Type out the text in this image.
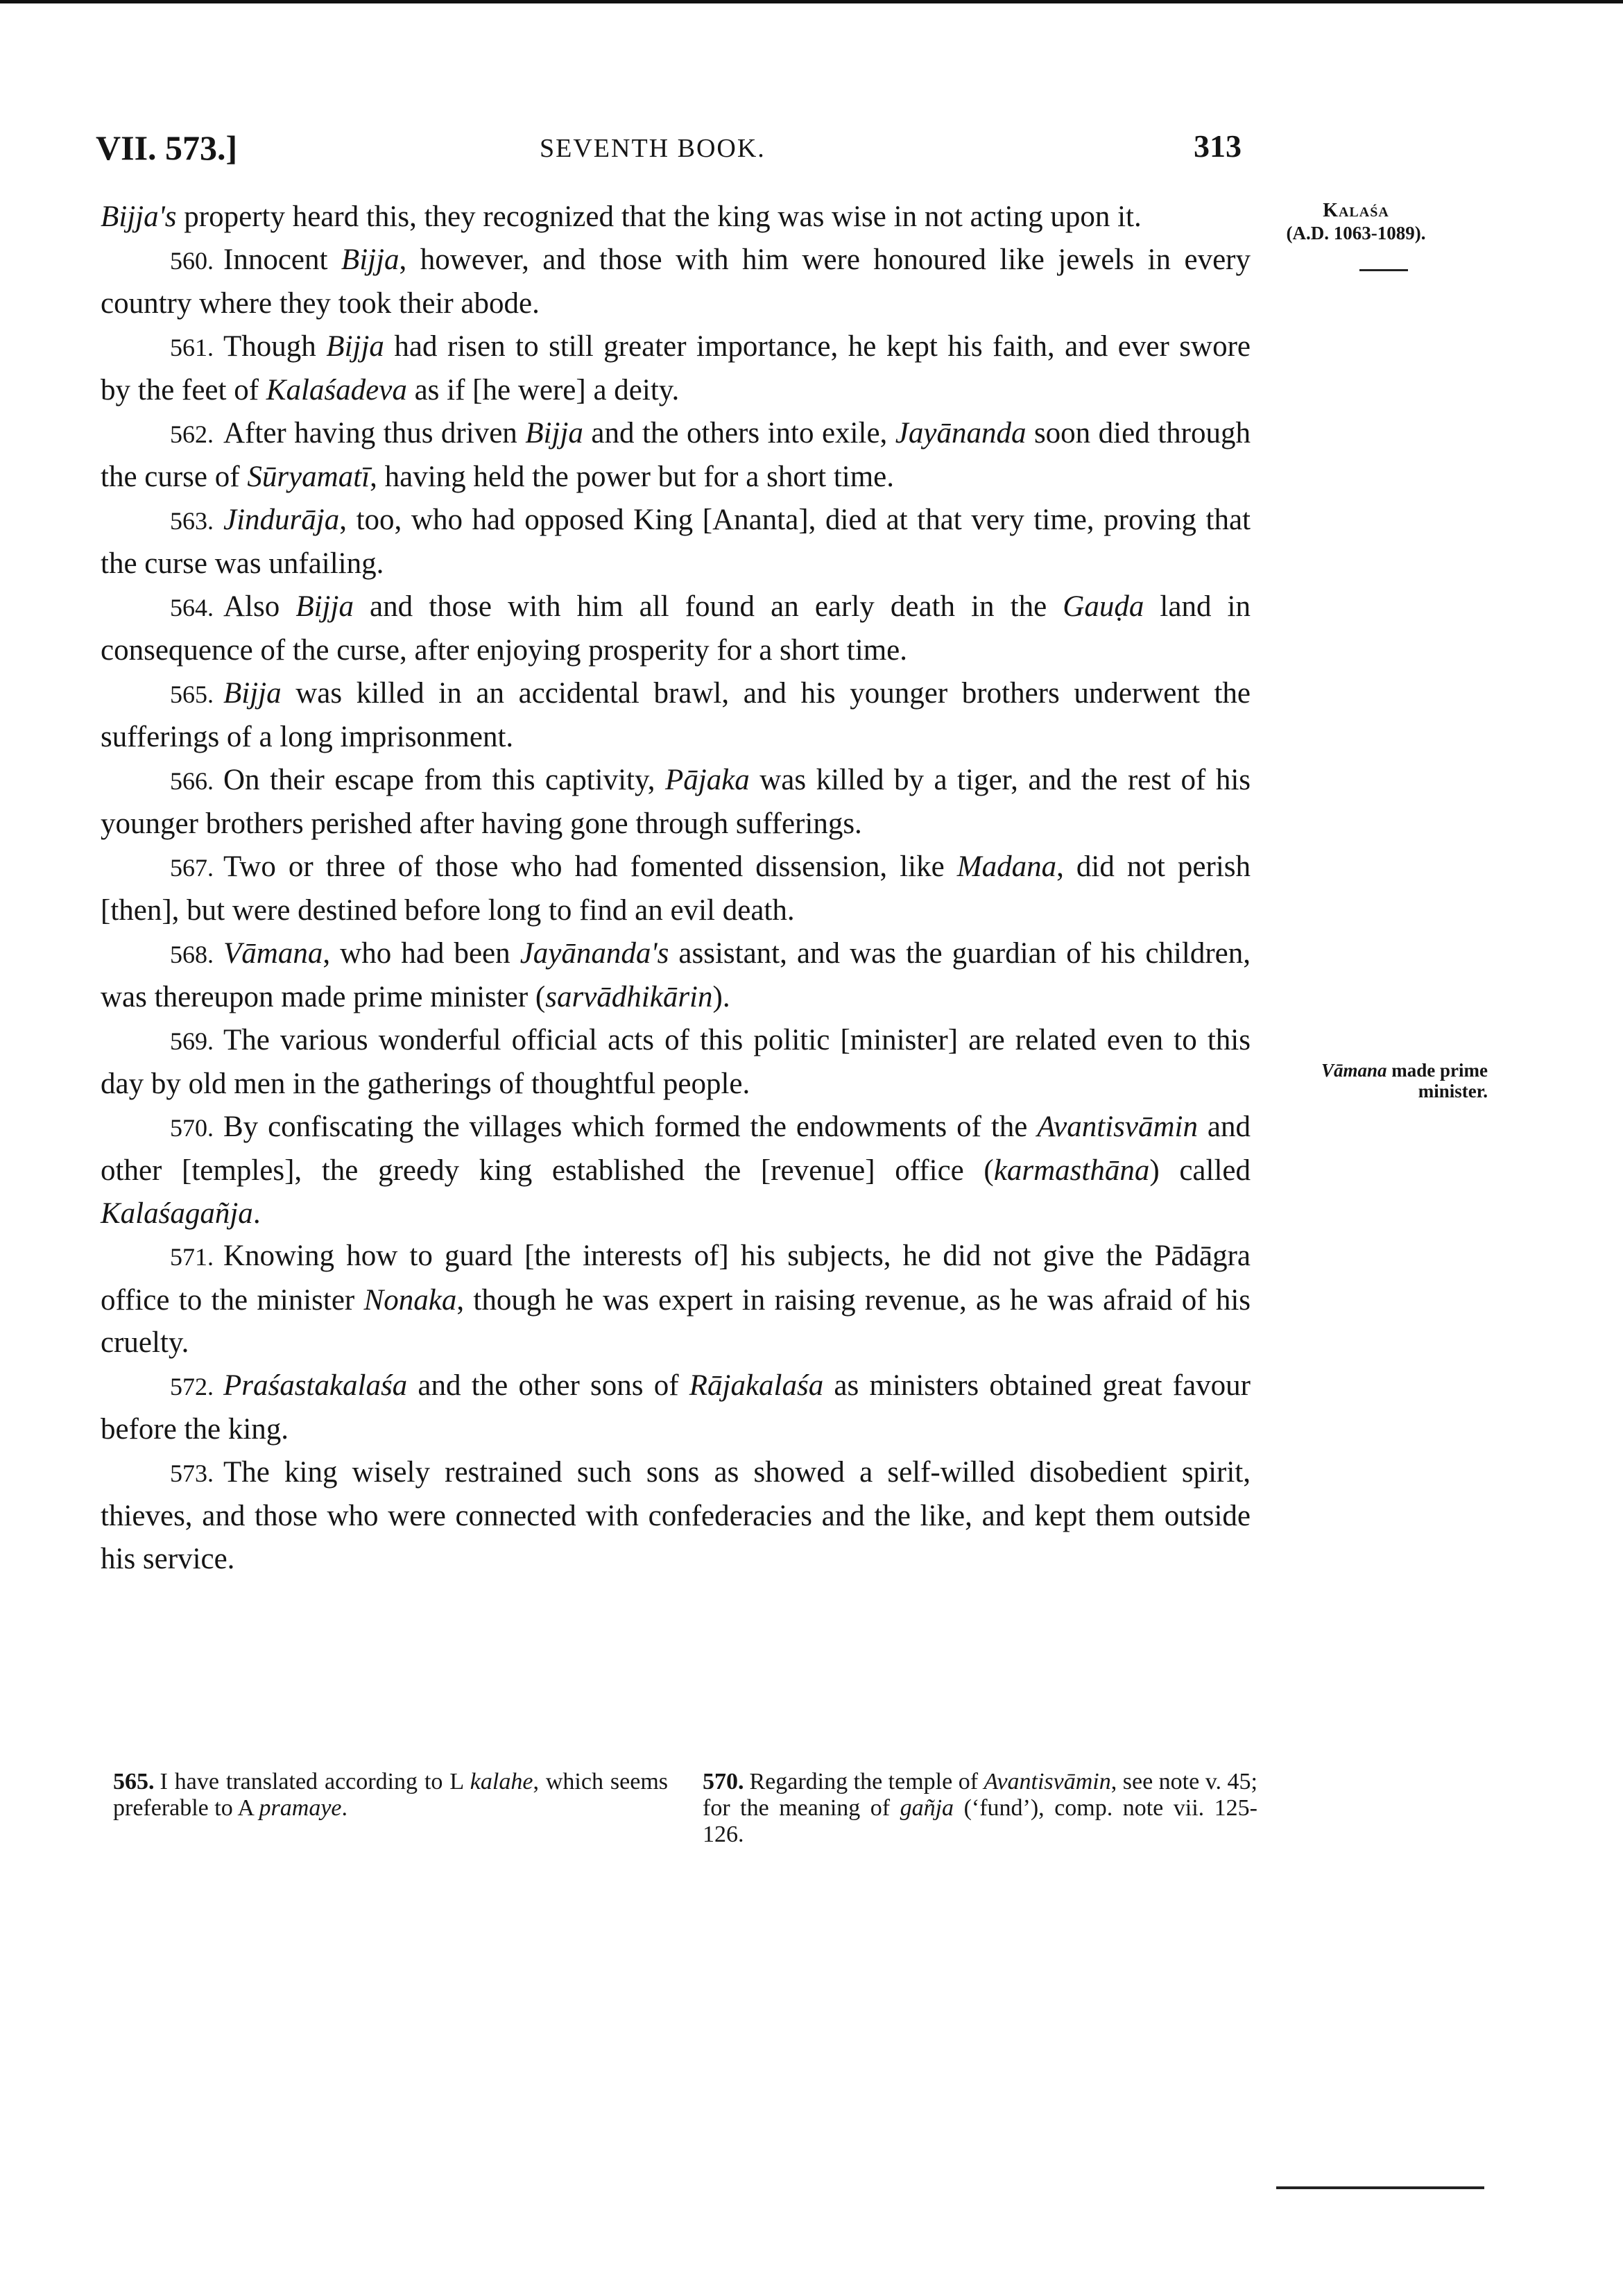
VII. 573.]	SEVENTH BOOK.	313
Kalaśa
(A.D. 1063-1089).
Vāmana made prime
minister.

Bijja's property heard this, they recognized that the king was wise in not acting upon it.

560. Innocent Bijja, however, and those with him were honoured like jewels in every country where they took their abode.

561. Though Bijja had risen to still greater importance, he kept his faith, and ever swore by the feet of Kalaśadeva as if [he were] a deity.

562. After having thus driven Bijja and the others into exile, Jayānanda soon died through the curse of Sūryamatī, having held the power but for a short time.

563. Jindurāja, too, who had opposed King [Ananta], died at that very time, proving that the curse was unfailing.

564. Also Bijja and those with him all found an early death in the Gauḍa land in consequence of the curse, after enjoying prosperity for a short time.

565. Bijja was killed in an accidental brawl, and his younger brothers underwent the sufferings of a long imprisonment.

566. On their escape from this captivity, Pājaka was killed by a tiger, and the rest of his younger brothers perished after having gone through sufferings.

567. Two or three of those who had fomented dissension, like Madana, did not perish [then], but were destined before long to find an evil death.

568. Vāmana, who had been Jayānanda's assistant, and was the guardian of his children, was thereupon made prime minister (sarvādhikārin).

569. The various wonderful official acts of this politic [minister] are related even to this day by old men in the gatherings of thoughtful people.

570. By confiscating the villages which formed the endowments of the Avantisvāmin and other [temples], the greedy king established the [revenue] office (karmasthāna) called Kalaśagañja.

571. Knowing how to guard [the interests of] his subjects, he did not give the Pādāgra office to the minister Nonaka, though he was expert in raising revenue, as he was afraid of his cruelty.

572. Praśastakalaśa and the other sons of Rājakalaśa as ministers obtained great favour before the king.

573. The king wisely restrained such sons as showed a self-willed disobedient spirit, thieves, and those who were connected with confederacies and the like, and kept them outside his service.

565. I have translated according to L kalahe, which seems preferable to A pramaye.
570. Regarding the temple of Avantisvāmin, see note v. 45; for the meaning of gañja (‘fund’), comp. note vii. 125-126.
